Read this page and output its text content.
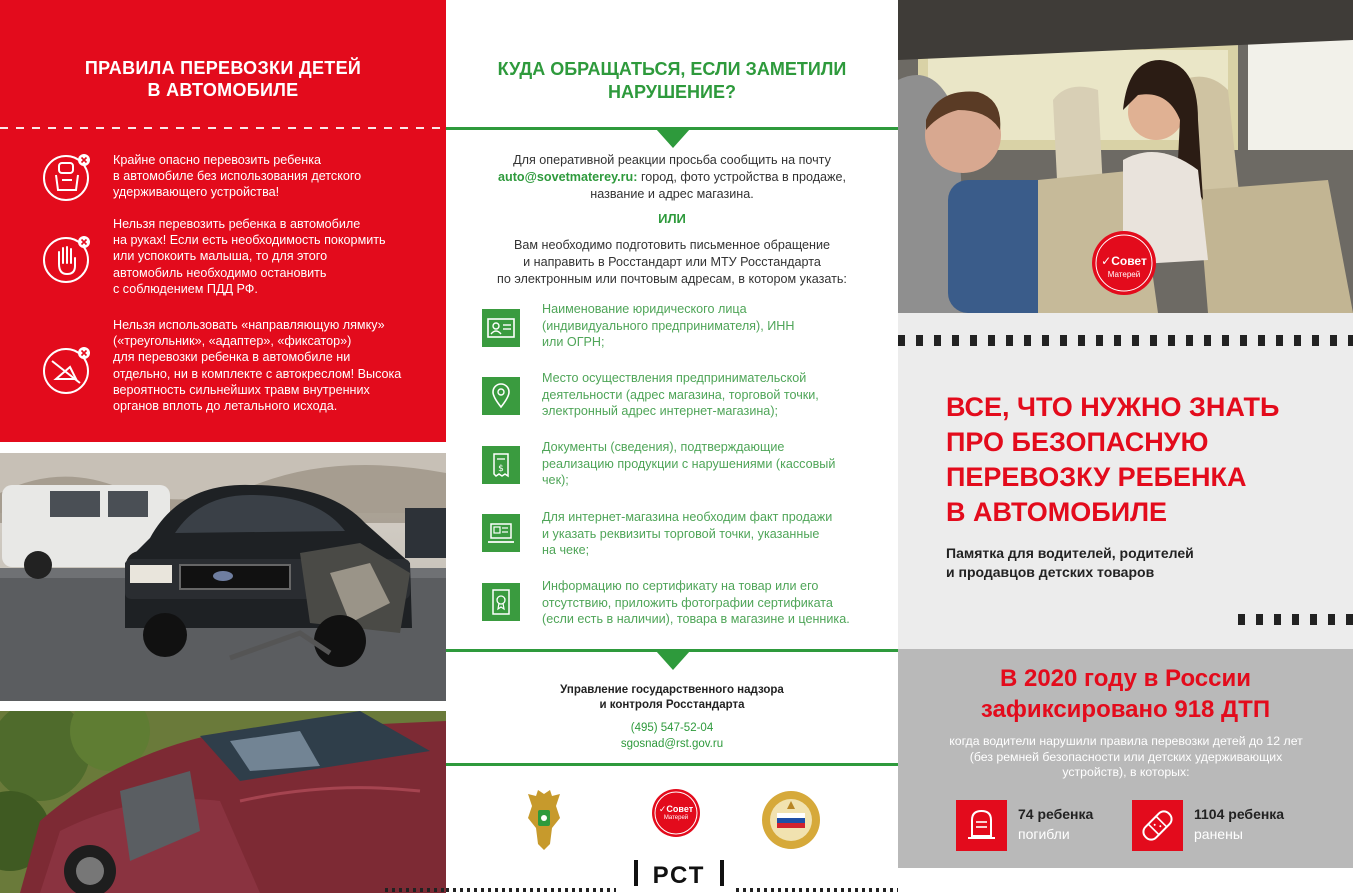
ПРАВИЛА ПЕРЕВОЗКИ ДЕТЕЙ
В АВТОМОБИЛЕ
Крайне опасно перевозить ребенка
в автомобиле без использования детского
удерживающего устройства!
Нельзя перевозить ребенка в автомобиле
на руках! Если есть необходимость покормить
или успокоить малыша, то для этого
автомобиль необходимо остановить
с соблюдением ПДД РФ.
Нельзя использовать «направляющую лямку»
(«треугольник», «адаптер», «фиксатор»)
для перевозки ребенка в автомобиле ни
отдельно, ни в комплекте с автокреслом! Высока
вероятность сильнейших травм внутренних
органов вплоть до летального исхода.
КУДА ОБРАЩАТЬСЯ, ЕСЛИ ЗАМЕТИЛИ
НАРУШЕНИЕ?
Для оперативной реакции просьба сообщить на почту
auto@sovetmaterey.ru: город, фото устройства в продаже,
название и адрес магазина.
ИЛИ
Вам необходимо подготовить письменное обращение
и направить в Росстандарт или МТУ Росстандарта
по электронным или почтовым адресам, в котором указать:
Наименование юридического лица
(индивидуального предпринимателя), ИНН
или ОГРН;
Место осуществления предпринимательской
деятельности (адрес магазина, торговой точки,
электронный адрес интернет-магазина);
$
Документы (сведения), подтверждающие
реализацию продукции с нарушениями (кассовый
чек);
Для интернет-магазина необходим факт продажи
и указать реквизиты торговой точки, указанные
на чеке;
Информацию по сертификату на товар или его
отсутствию, приложить фотографии сертификата
(если есть в наличии), товара в магазине и ценника.
Управление государственного надзора
и контроля Росстандарта
(495) 547-52-04
sgosnad@rst.gov.ru
✓Совет
Матерей
РСТ
✓Совет
Матерей
ВСЕ, ЧТО НУЖНО ЗНАТЬ
ПРО БЕЗОПАСНУЮ
ПЕРЕВОЗКУ РЕБЕНКА
В АВТОМОБИЛЕ
Памятка для водителей, родителей
и продавцов детских товаров
В 2020 году в России
зафиксировано 918 ДТП
когда водители нарушили правила перевозки детей до 12 лет
(без ремней безопасности или детских удерживающих
устройств), в которых:
74 ребенка
погибли
1104 ребенка
ранены
